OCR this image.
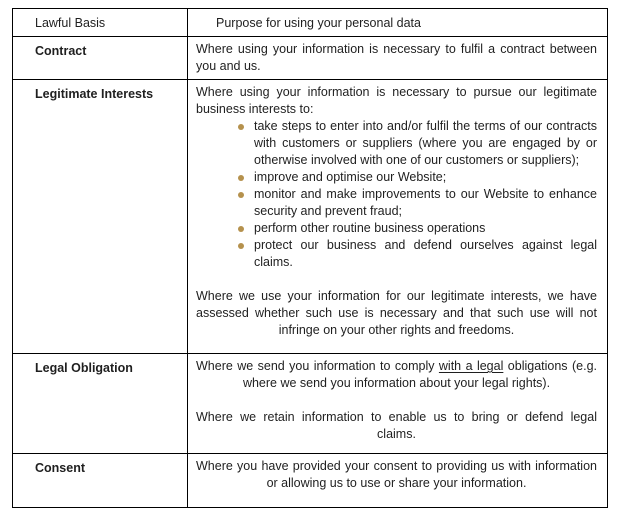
Lawful Basis	Purpose for using your personal data
Contract	Where using your information is necessary to fulfil a contract between you and us.

Legitimate Interests	Where using your information is necessary to pursue our legitimate business interests to:

take steps to enter into and/or fulfil the terms of our contracts with customers or suppliers (where you are engaged by or otherwise involved with one of our customers or suppliers);
improve and optimise our Website;
monitor and make improvements to our Website to enhance security and prevent fraud;
perform other routine business operations
protect our business and defend ourselves against legal claims.

Where we use your information for our legitimate interests, we have assessed whether such use is necessary and that such use will not infringe on your other rights and freedoms.

Legal Obligation	Where we send you information to comply with a legal obligations (e.g. where we send you information about your legal rights).

Where we retain information to enable us to bring or defend legal claims.

Consent	Where you have provided your consent to providing us with information or allowing us to use or share your information.
